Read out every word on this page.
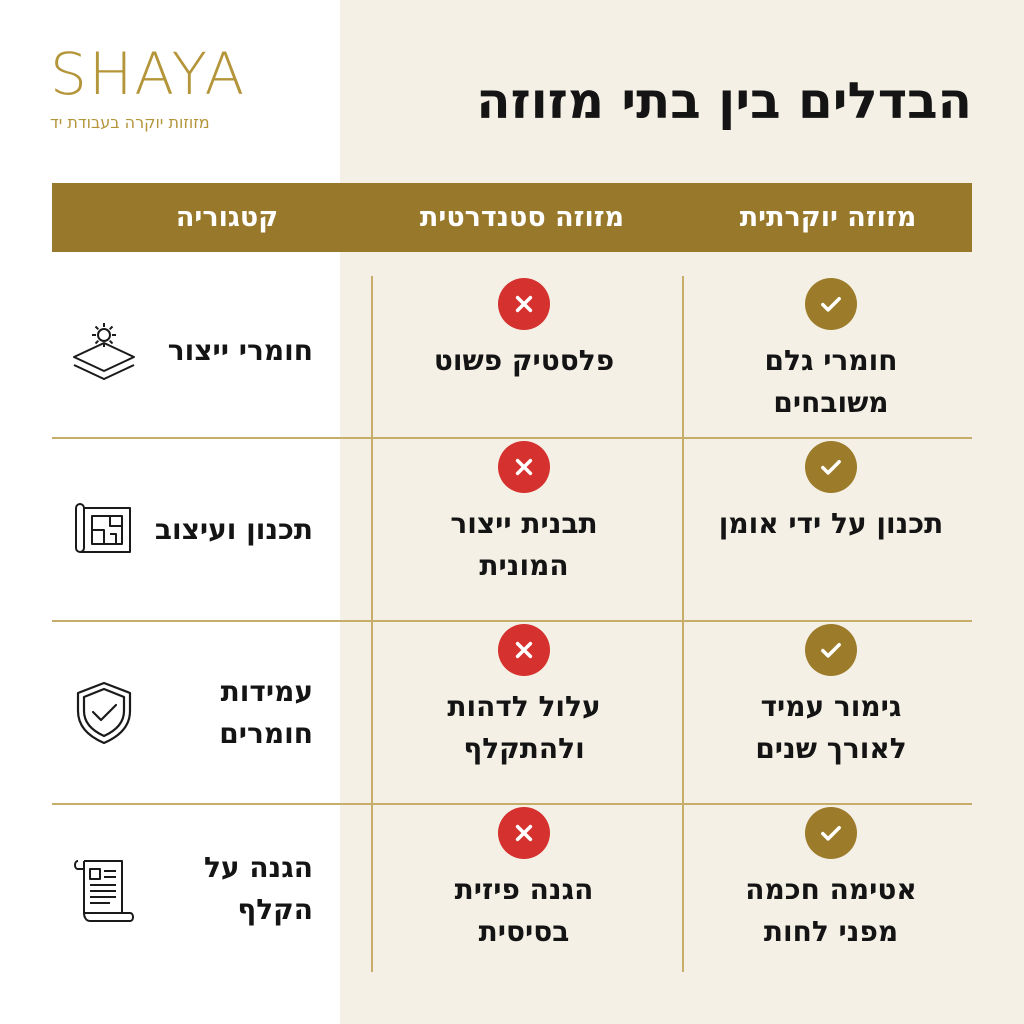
SHAYA
מזוזות יוקרה בעבודת יד	הבדלים בין בתי מזוזה
מזוזה יוקרתית
מזוזה סטנדרטית
קטגוריה
חומרי גלם
משובחים
פלסטיק פשוט
חומרי ייצור
תכנון על ידי אומן
תבנית ייצור
המונית
תכנון ועיצוב
גימור עמיד
לאורך שנים
עלול לדהות
ולהתקלף
עמידות
חומרים
אטימה חכמה
מפני לחות
הגנה פיזית
בסיסית
הגנה על
הקלף
